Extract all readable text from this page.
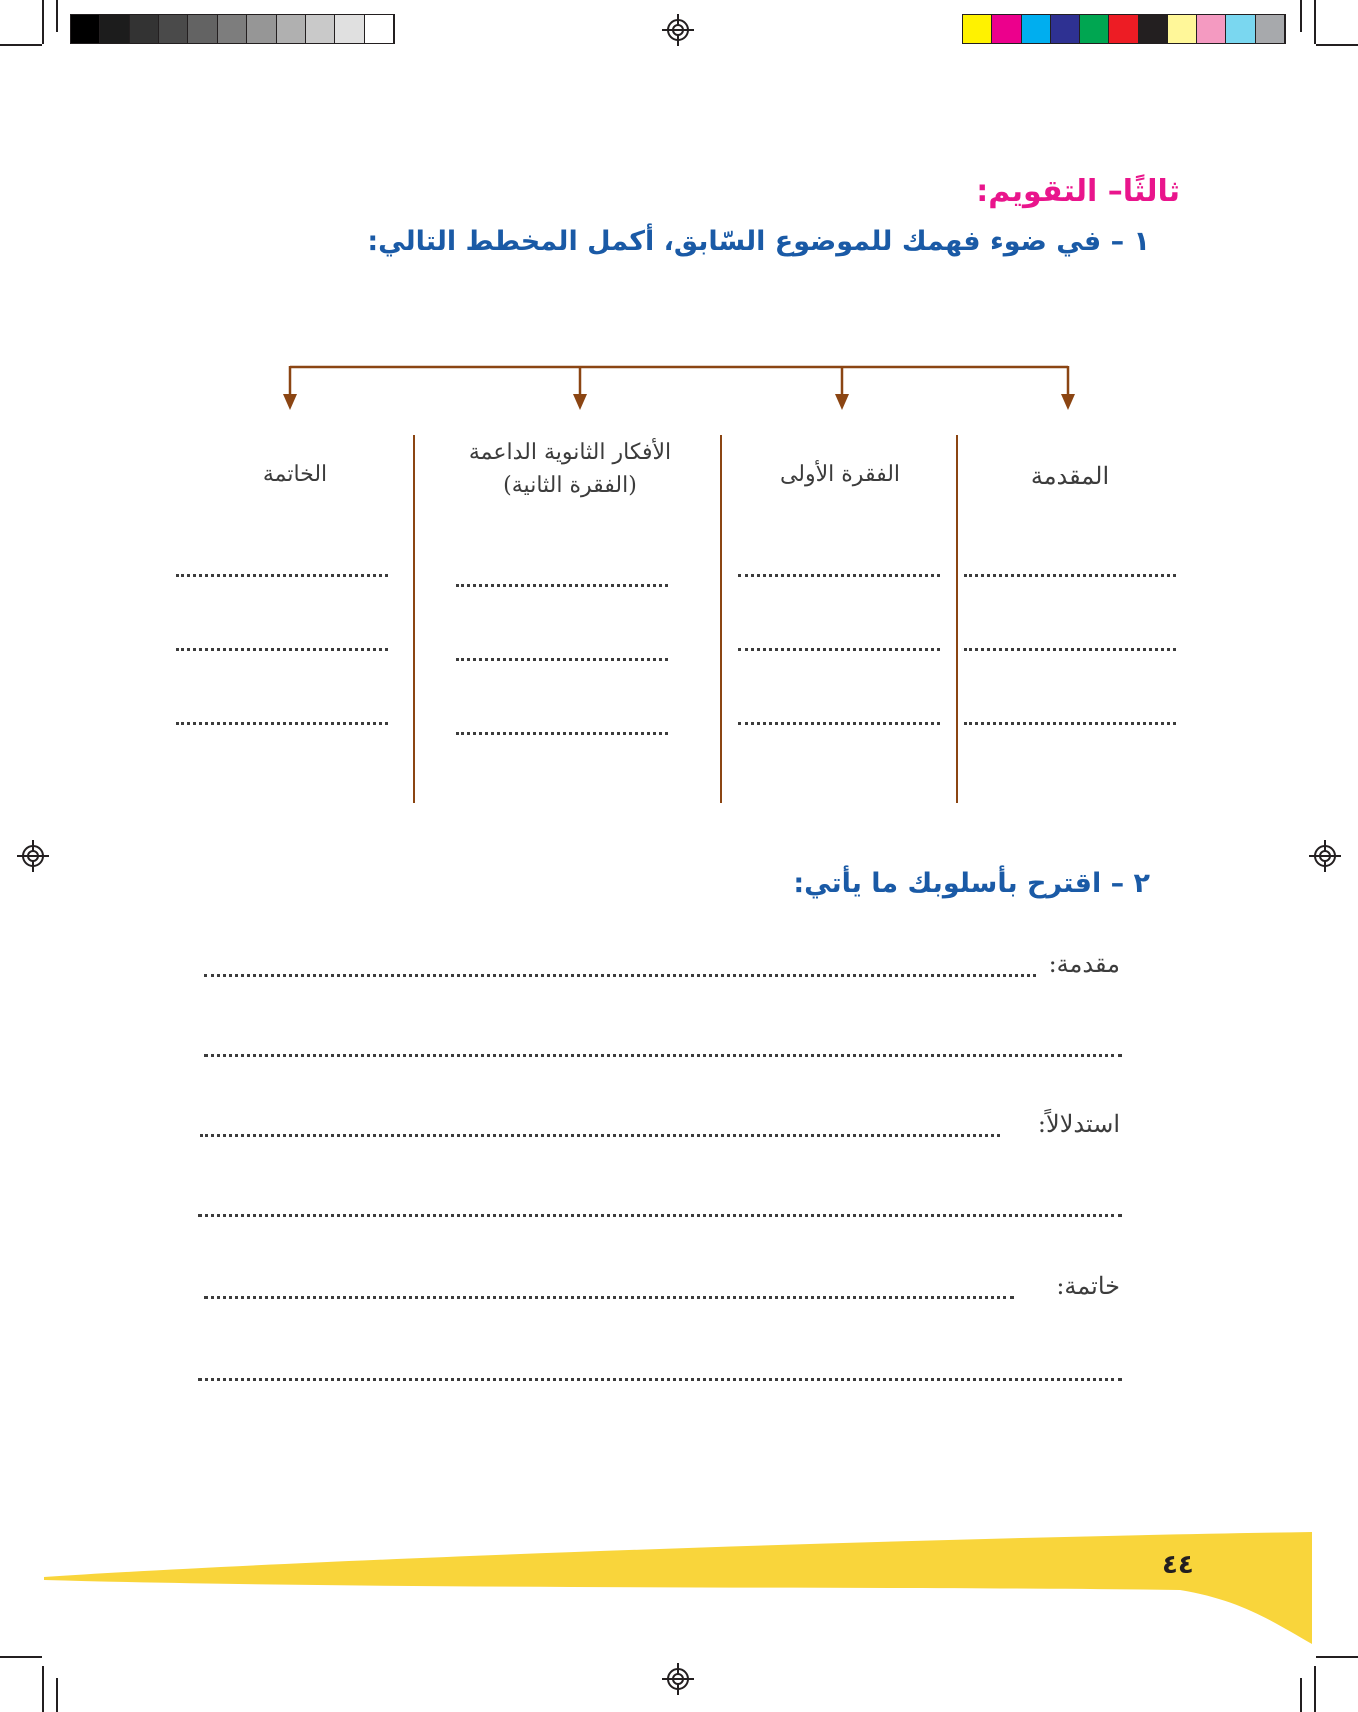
ثالثًا– التقويم:
١ – في ضوء فهمك للموضوع السّابق، أكمل المخطط التالي:
المقدمة
الفقرة الأولى
الأفكار الثانوية الداعمة
(الفقرة الثانية)
الخاتمة
٢ – اقترح بأسلوبك ما يأتي:
مقدمة:
استدلالاً:
خاتمة:
٤٤
